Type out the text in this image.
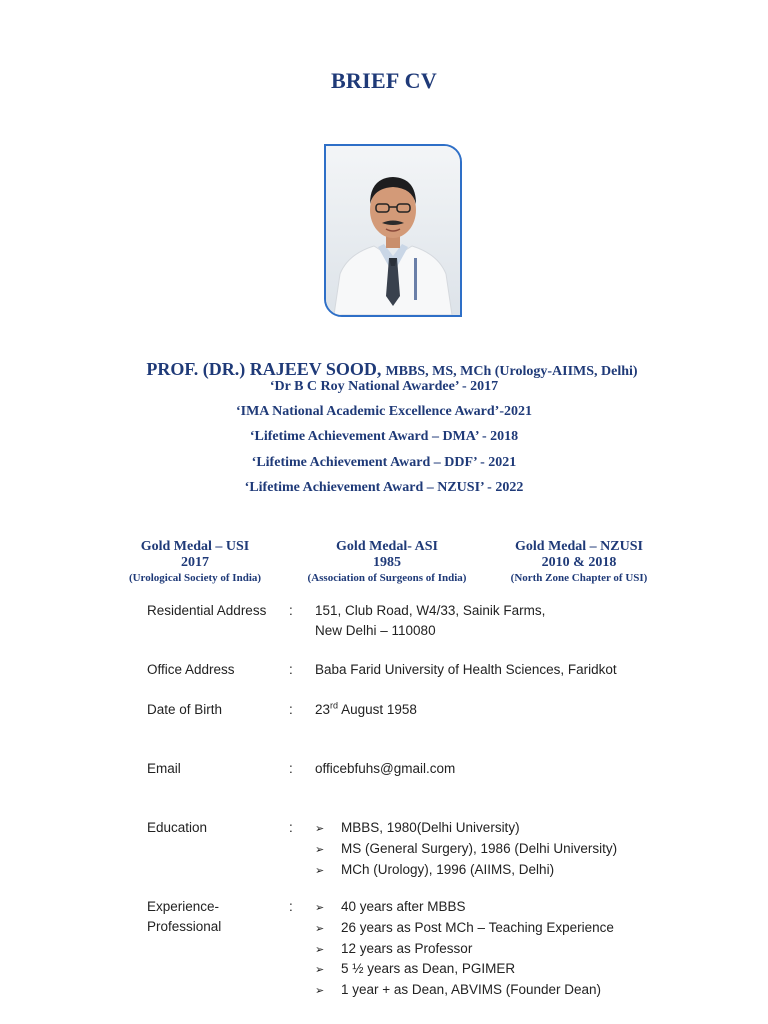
BRIEF CV
PROF. (DR.) RAJEEV SOOD, MBBS, MS, MCh (Urology-AIIMS, Delhi)
‘Dr B C Roy National Awardee’ - 2017
‘IMA National Academic Excellence Award’-2021
‘Lifetime Achievement Award – DMA’ - 2018
‘Lifetime Achievement Award – DDF’ - 2021
‘Lifetime Achievement Award – NZUSI’ - 2022
Gold Medal – USI
2017
(Urological Society of India)
Gold Medal- ASI
1985
(Association of Surgeons of India)
Gold Medal – NZUSI
2010 & 2018
(North Zone Chapter of USI)
Residential Address : 151, Club Road, W4/33, Sainik Farms,
New Delhi – 110080
Office Address	: Baba Farid University of Health Sciences, Faridkot
Date of Birth	: 23rd August 1958
Email	: officebfuhs@gmail.com
Education	: ➢ MBBS, 1980(Delhi University)
➢ MS (General Surgery), 1986 (Delhi University)
➢ MCh (Urology), 1996 (AIIMS, Delhi)
Experience-
Professional
: ➢ 40 years after MBBS
➢ 26 years as Post MCh – Teaching Experience
➢ 12 years as Professor
➢ 5 ½ years as Dean, PGIMER
➢ 1 year + as Dean, ABVIMS (Founder Dean)
